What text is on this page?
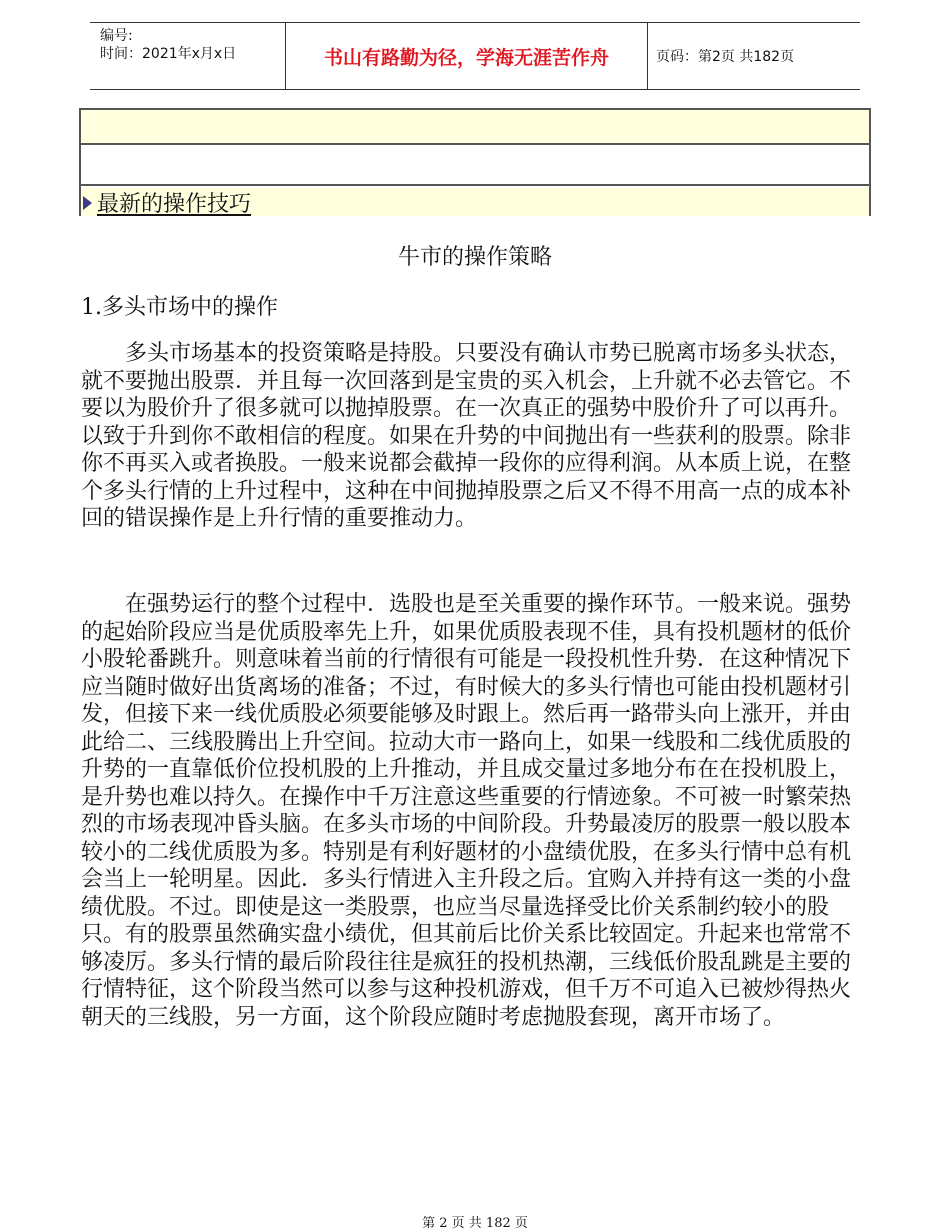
编号:
时间：2021年x月x日	书山有路勤为径，学海无涯苦作舟	页码：第2页 共182页
最新的操作技巧
牛市的操作策略
1.多头市场中的操作

多头市场基本的投资策略是持股。只要没有确认市势已脱离市场多头状态，就不要抛出股票．并且每一次回落到是宝贵的买入机会，上升就不必去管它。不要以为股价升了很多就可以抛掉股票。在一次真正的强势中股价升了可以再升。以致于升到你不敢相信的程度。如果在升势的中间抛出有一些获利的股票。除非你不再买入或者换股。一般来说都会截掉一段你的应得利润。从本质上说，在整个多头行情的上升过程中，这种在中间抛掉股票之后又不得不用高一点的成本补回的错误操作是上升行情的重要推动力。

在强势运行的整个过程中．选股也是至关重要的操作环节。一般来说。强势的起始阶段应当是优质股率先上升，如果优质股表现不佳，具有投机题材的低价小股轮番跳升。则意味着当前的行情很有可能是一段投机性升势．在这种情况下应当随时做好出货离场的准备；不过，有时候大的多头行情也可能由投机题材引发，但接下来一线优质股必须要能够及时跟上。然后再一路带头向上涨开，并由此给二、三线股腾出上升空间。拉动大市一路向上，如果一线股和二线优质股的升势的一直靠低价位投机股的上升推动，并且成交量过多地分布在在投机股上，是升势也难以持久。在操作中千万注意这些重要的行情迹象。不可被一时繁荣热烈的市场表现冲昏头脑。在多头市场的中间阶段。升势最凌厉的股票一般以股本较小的二线优质股为多。特别是有利好题材的小盘绩优股，在多头行情中总有机会当上一轮明星。因此．多头行情进入主升段之后。宜购入并持有这一类的小盘绩优股。不过。即使是这一类股票，也应当尽量选择受比价关系制约较小的股只。有的股票虽然确实盘小绩优，但其前后比价关系比较固定。升起来也常常不够凌厉。多头行情的最后阶段往往是疯狂的投机热潮，三线低价股乱跳是主要的行情特征，这个阶段当然可以参与这种投机游戏，但千万不可追入已被炒得热火朝天的三线股，另一方面，这个阶段应随时考虑抛股套现，离开市场了。

第 2 页 共 182 页
